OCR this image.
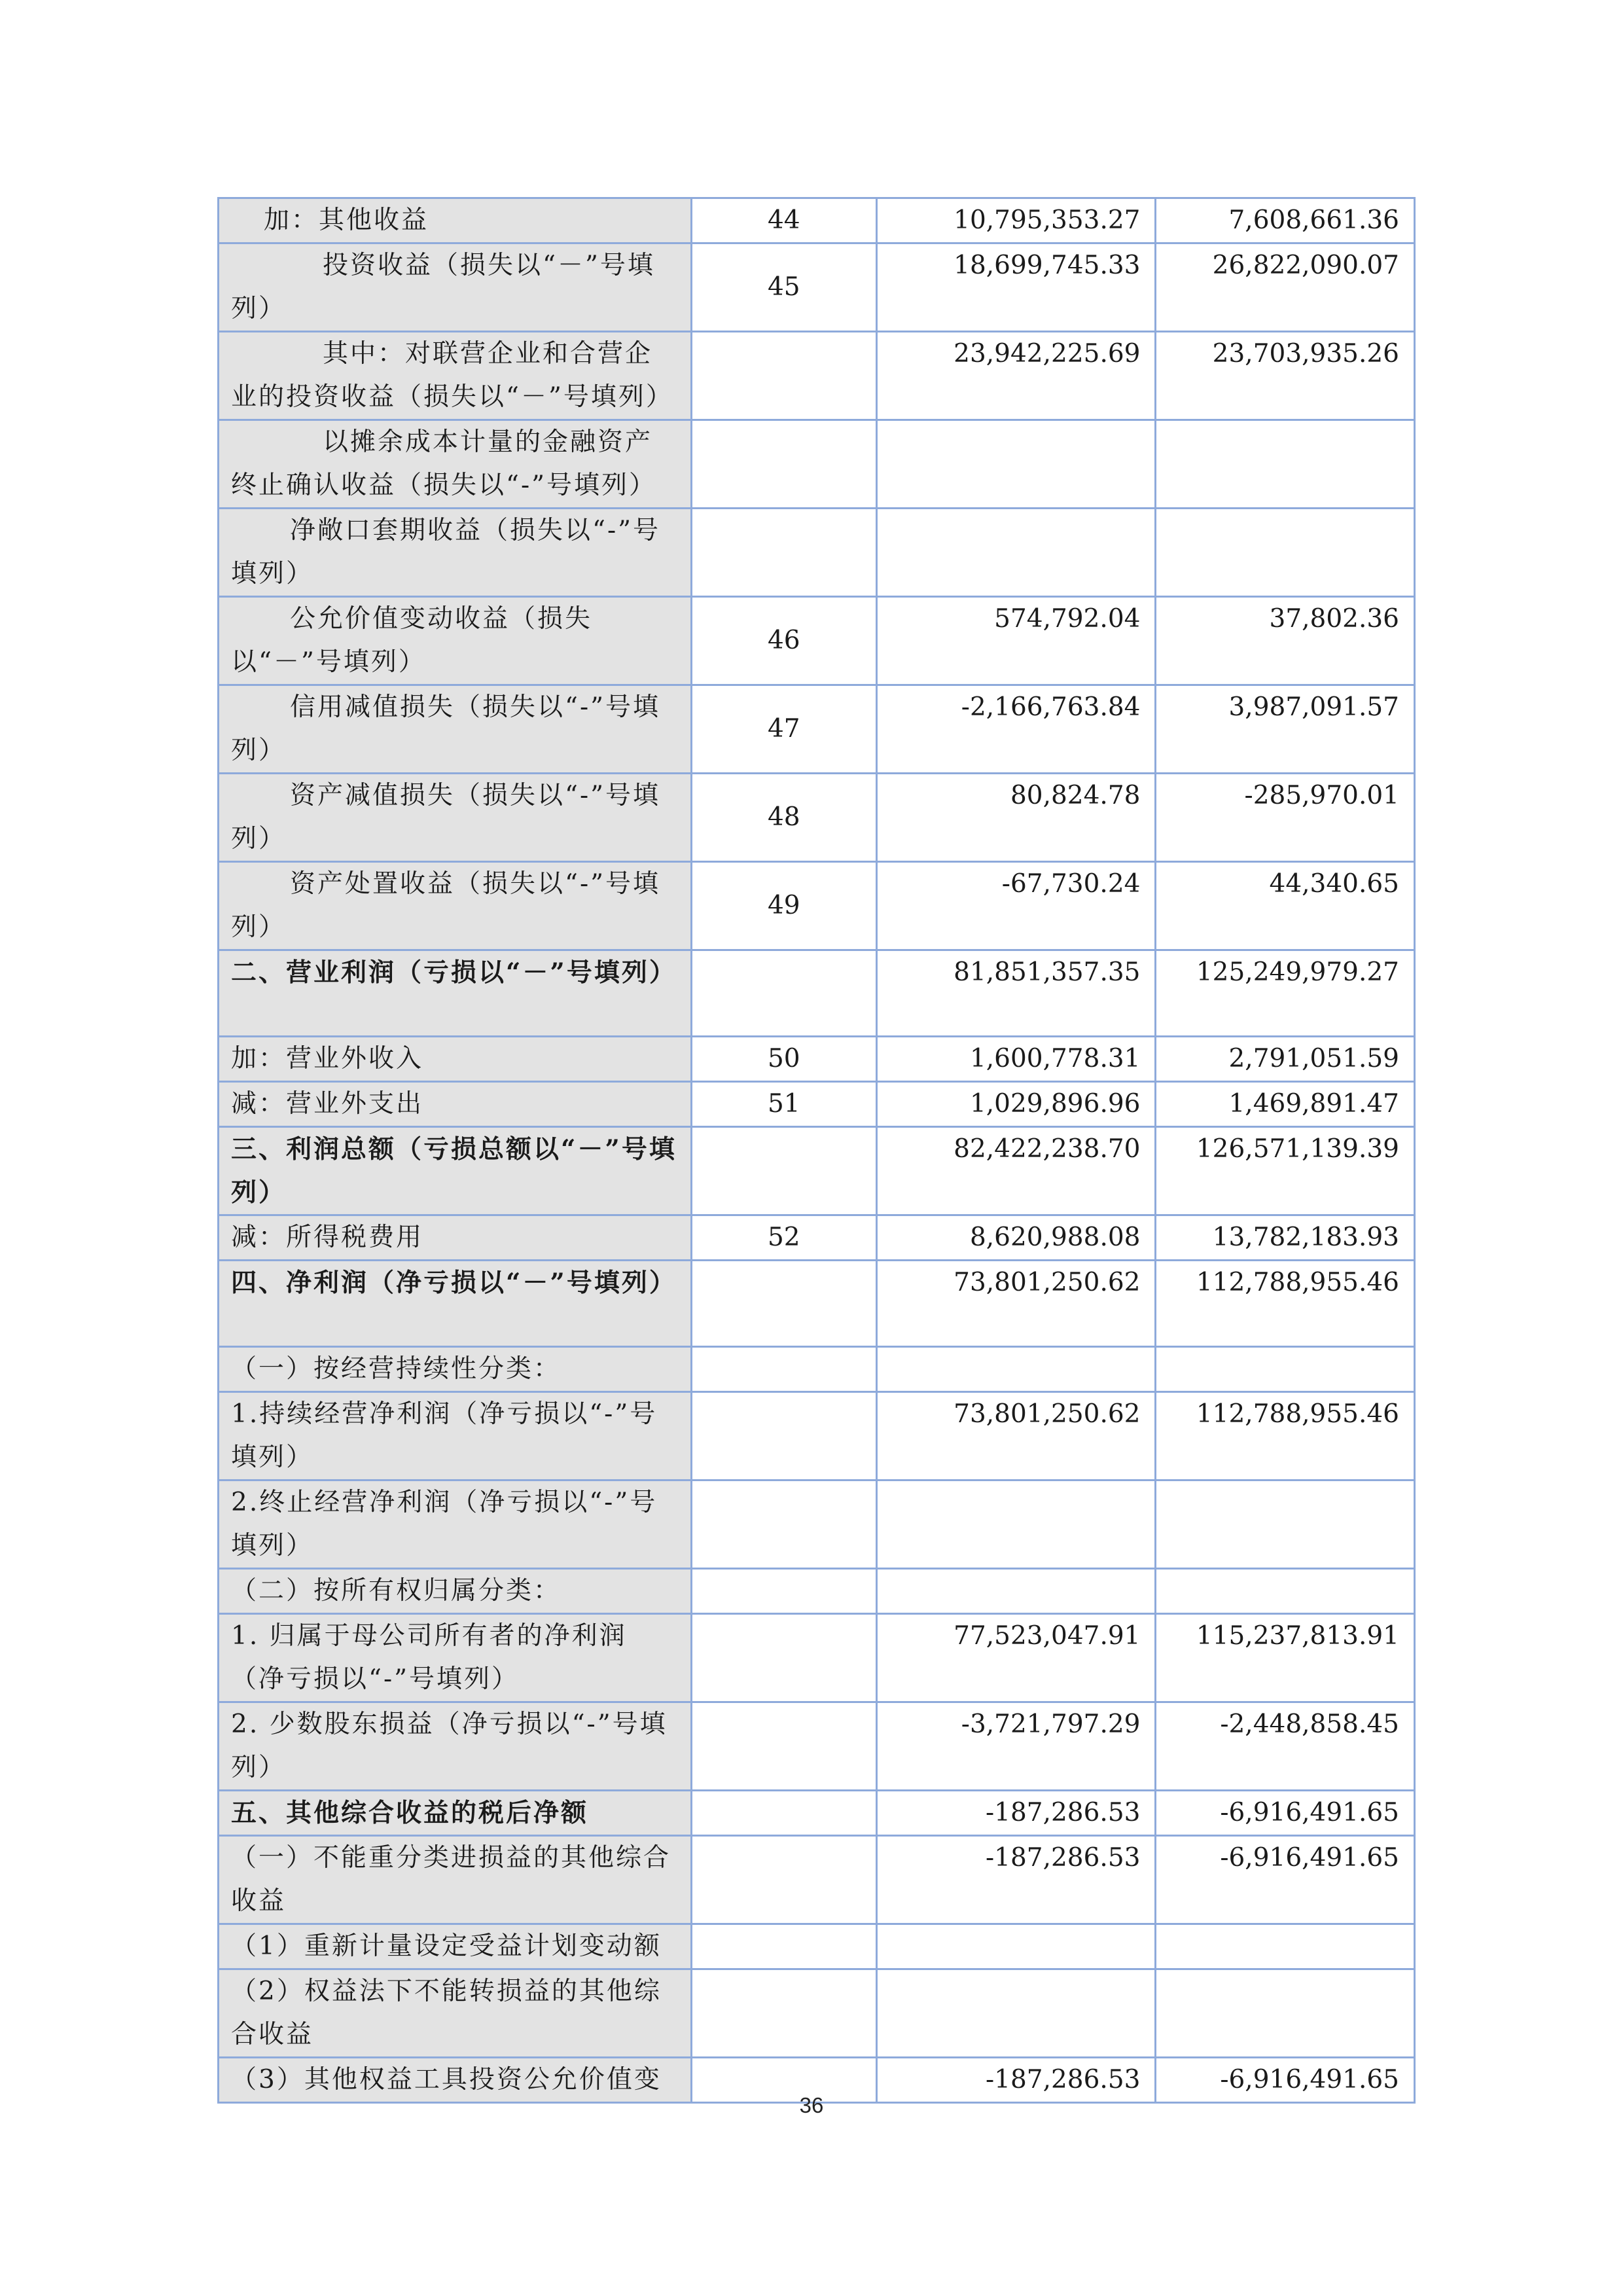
加：其他收益	44	10,795,353.27	7,608,661.36
投资收益（损失以“－”号填列）	45	18,699,745.33	26,822,090.07
其中：对联营企业和合营企业的投资收益（损失以“－”号填列）		23,942,225.69	23,703,935.26
以摊余成本计量的金融资产终止确认收益（损失以“-”号填列）			
净敞口套期收益（损失以“-”号填列）			
公允价值变动收益（损失以“－”号填列）	46	574,792.04	37,802.36
信用减值损失（损失以“-”号填列）	47	-2,166,763.84	3,987,091.57
资产减值损失（损失以“-”号填列）	48	80,824.78	-285,970.01
资产处置收益（损失以“-”号填列）	49	-67,730.24	44,340.65
二、营业利润（亏损以“－”号填列）		81,851,357.35	125,249,979.27
加：营业外收入	50	1,600,778.31	2,791,051.59
减：营业外支出	51	1,029,896.96	1,469,891.47
三、利润总额（亏损总额以“－”号填列）		82,422,238.70	126,571,139.39
减：所得税费用	52	8,620,988.08	13,782,183.93
四、净利润（净亏损以“－”号填列）		73,801,250.62	112,788,955.46
（一）按经营持续性分类：			
1.持续经营净利润（净亏损以“-”号填列）		73,801,250.62	112,788,955.46
2.终止经营净利润（净亏损以“-”号填列）			
（二）按所有权归属分类：			
1. 归属于母公司所有者的净利润（净亏损以“-”号填列）		77,523,047.91	115,237,813.91
2. 少数股东损益（净亏损以“-”号填列）		-3,721,797.29	-2,448,858.45
五、其他综合收益的税后净额		-187,286.53	-6,916,491.65
（一）不能重分类进损益的其他综合收益		-187,286.53	-6,916,491.65
（1）重新计量设定受益计划变动额			
（2）权益法下不能转损益的其他综合收益			
（3）其他权益工具投资公允价值变		-187,286.53	-6,916,491.65
36
